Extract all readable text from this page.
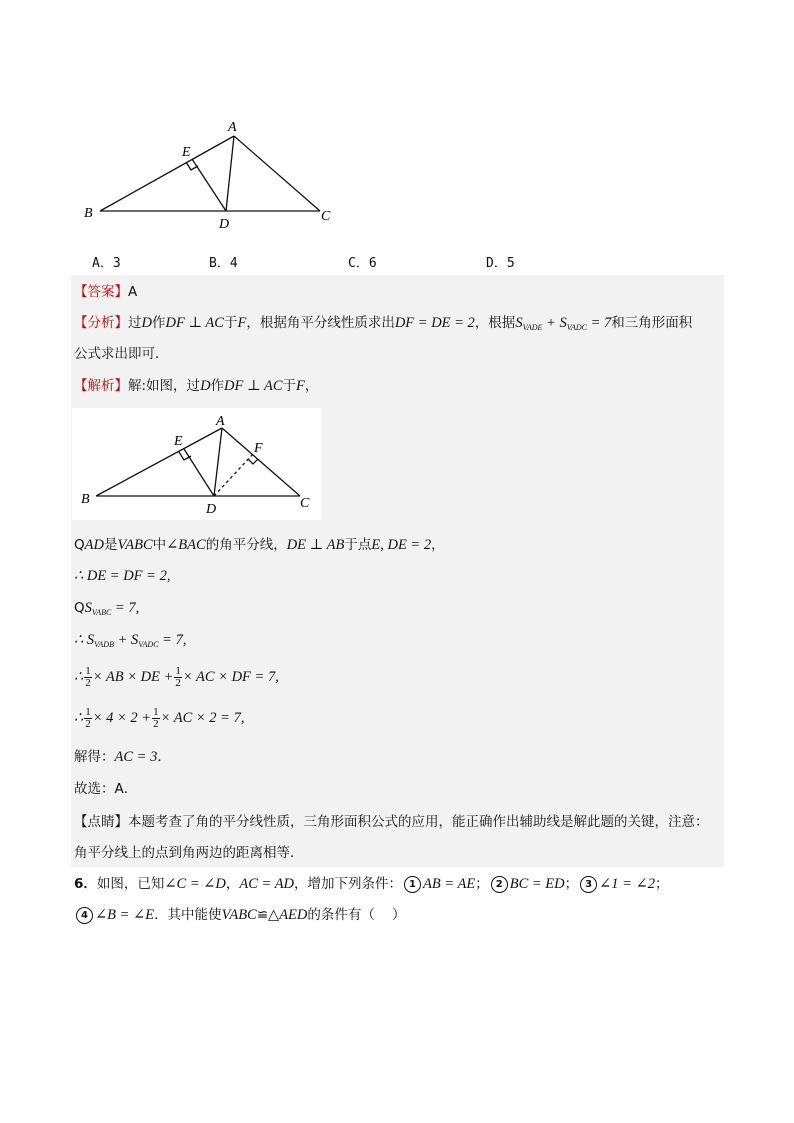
A
E
B
D
C
A．3	B．4	C．6	D．5
【答案】A
【分析】过D作DF ⊥ AC于F，根据角平分线性质求出DF = DE = 2，根据$S_{VADE} + S_{VADC} = 7$和三角形面积
公式求出即可．
【解析】解:如图，过D作DF ⊥ AC于F，
A
E	F
B
D	C
QAD是VABC中∠BAC的角平分线，DE ⊥ AB于点E, DE = 2，
∴ DE = DF = 2,
$QS_{VABC} = 7$,
∴ $S_{VADB} + S_{VADC} = 7$,
∴ $\frac{1}{2}$ × AB × DE + $\frac{1}{2}$ × AC × DF = 7,
∴ $\frac{1}{2} \times 4 \times 2 + \frac{1}{2}$ × AC × 2 = 7,
解得：AC = 3．
故选：A．
【点睛】本题考查了角的平分线性质，三角形面积公式的应用，能正确作出辅助线是解此题的关键，注意：
角平分线上的点到角两边的距离相等．
6．如图，已知∠C = ∠D，AC = AD，增加下列条件： 1 AB = AE； 2 BC = ED； 3 ∠1 = ∠2；
4 ∠B = ∠E．其中能使VABC≌△AED的条件有（    ）
